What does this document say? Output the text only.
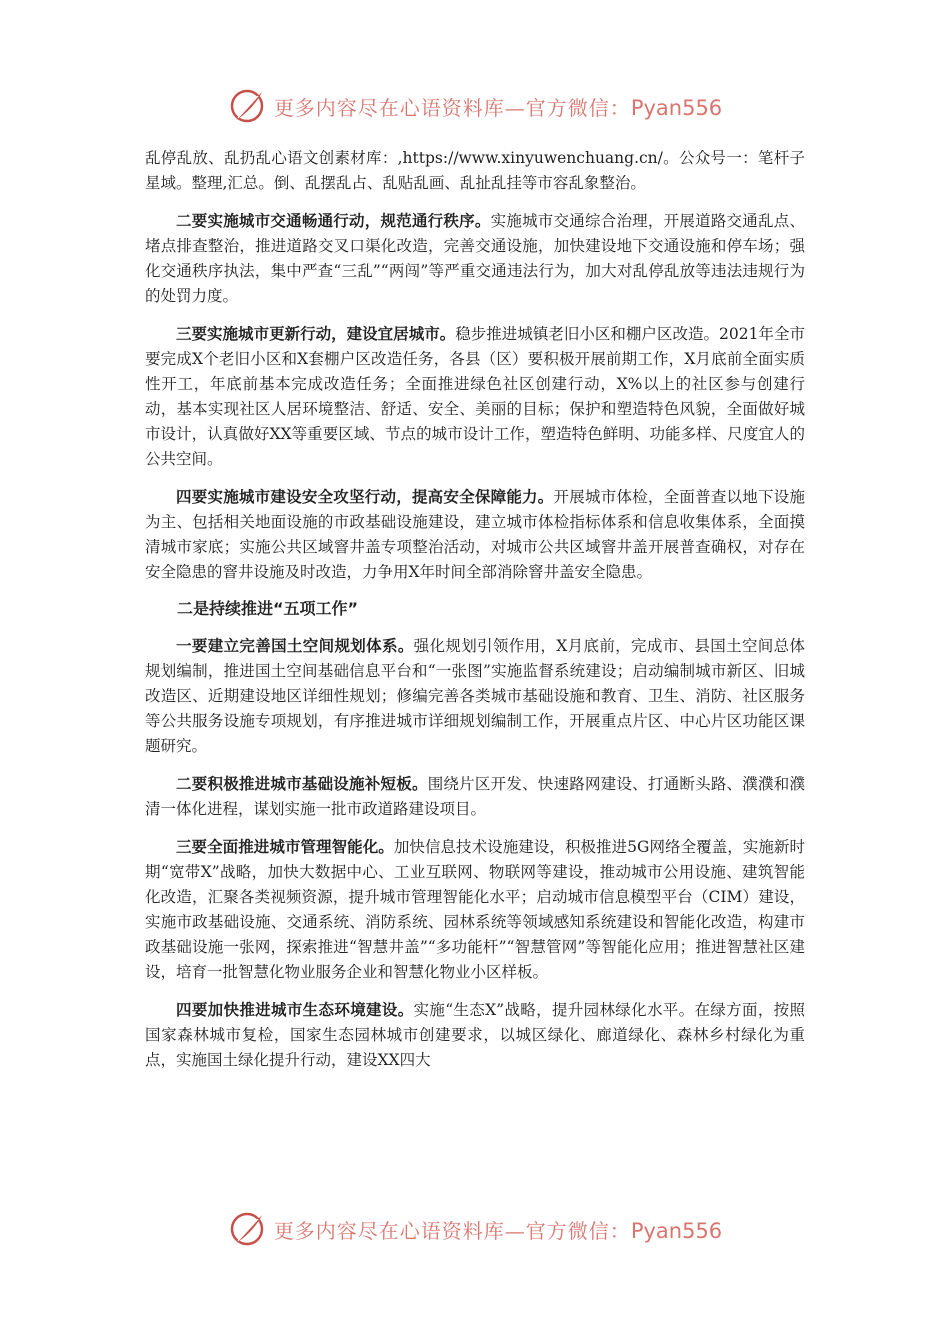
更多内容尽在心语资料库—官方微信：Pyan556

乱停乱放、乱扔乱心语文创素材库：,https://www.xinyuwenchuang.cn/。公众号一：笔杆子星域。整理,汇总。倒、乱摆乱占、乱贴乱画、乱扯乱挂等市容乱象整治。

二要实施城市交通畅通行动，规范通行秩序。实施城市交通综合治理，开展道路交通乱点、堵点排查整治，推进道路交叉口渠化改造，完善交通设施，加快建设地下交通设施和停车场；强化交通秩序执法，集中严查“三乱”“两闯”等严重交通违法行为，加大对乱停乱放等违法违规行为的处罚力度。

三要实施城市更新行动，建设宜居城市。稳步推进城镇老旧小区和棚户区改造。2021年全市要完成X个老旧小区和X套棚户区改造任务，各县（区）要积极开展前期工作，X月底前全面实质性开工，年底前基本完成改造任务；全面推进绿色社区创建行动，X%以上的社区参与创建行动，基本实现社区人居环境整洁、舒适、安全、美丽的目标；保护和塑造特色风貌，全面做好城市设计，认真做好XX等重要区域、节点的城市设计工作，塑造特色鲜明、功能多样、尺度宜人的公共空间。

四要实施城市建设安全攻坚行动，提高安全保障能力。开展城市体检，全面普查以地下设施为主、包括相关地面设施的市政基础设施建设，建立城市体检指标体系和信息收集体系，全面摸清城市家底；实施公共区域窨井盖专项整治活动，对城市公共区域窨井盖开展普查确权，对存在安全隐患的窨井设施及时改造，力争用X年时间全部消除窨井盖安全隐患。

二是持续推进“五项工作”

一要建立完善国土空间规划体系。强化规划引领作用，X月底前，完成市、县国土空间总体规划编制，推进国土空间基础信息平台和“一张图”实施监督系统建设；启动编制城市新区、旧城改造区、近期建设地区详细性规划；修编完善各类城市基础设施和教育、卫生、消防、社区服务等公共服务设施专项规划，有序推进城市详细规划编制工作，开展重点片区、中心片区功能区课题研究。

二要积极推进城市基础设施补短板。围绕片区开发、快速路网建设、打通断头路、濮濮和濮清一体化进程，谋划实施一批市政道路建设项目。

三要全面推进城市管理智能化。加快信息技术设施建设，积极推进5G网络全覆盖，实施新时期“宽带X”战略，加快大数据中心、工业互联网、物联网等建设，推动城市公用设施、建筑智能化改造，汇聚各类视频资源，提升城市管理智能化水平；启动城市信息模型平台（CIM）建设，实施市政基础设施、交通系统、消防系统、园林系统等领域感知系统建设和智能化改造，构建市政基础设施一张网，探索推进“智慧井盖”“多功能杆”“智慧管网”等智能化应用；推进智慧社区建设，培育一批智慧化物业服务企业和智慧化物业小区样板。

四要加快推进城市生态环境建设。实施“生态X”战略，提升园林绿化水平。在绿方面，按照国家森林城市复检，国家生态园林城市创建要求，以城区绿化、廊道绿化、森林乡村绿化为重点，实施国土绿化提升行动，建设XX四大

更多内容尽在心语资料库—官方微信：Pyan556
